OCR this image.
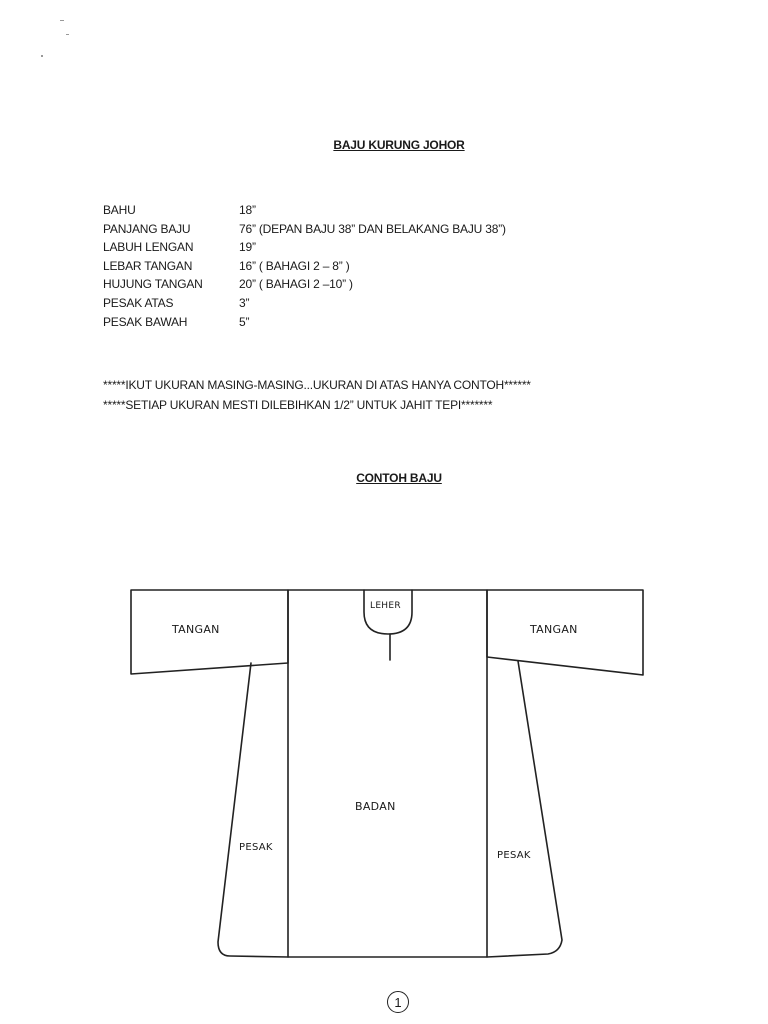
BAJU KURUNG JOHOR
BAHU	18”
PANJANG BAJU	76” (DEPAN BAJU 38” DAN BELAKANG BAJU 38”)
LABUH LENGAN	19”
LEBAR TANGAN	16” ( BAHAGI 2 – 8” )
HUJUNG TANGAN	20” ( BAHAGI 2 –10” )
PESAK ATAS	3”
PESAK BAWAH	5”
*****IKUT UKURAN MASING-MASING...UKURAN DI ATAS HANYA CONTOH******
*****SETIAP UKURAN MESTI DILEBIHKAN 1/2” UNTUK JAHIT TEPI*******
CONTOH BAJU
LEHER
TANGAN	TANGAN
BADAN
PESAK
PESAK
1
